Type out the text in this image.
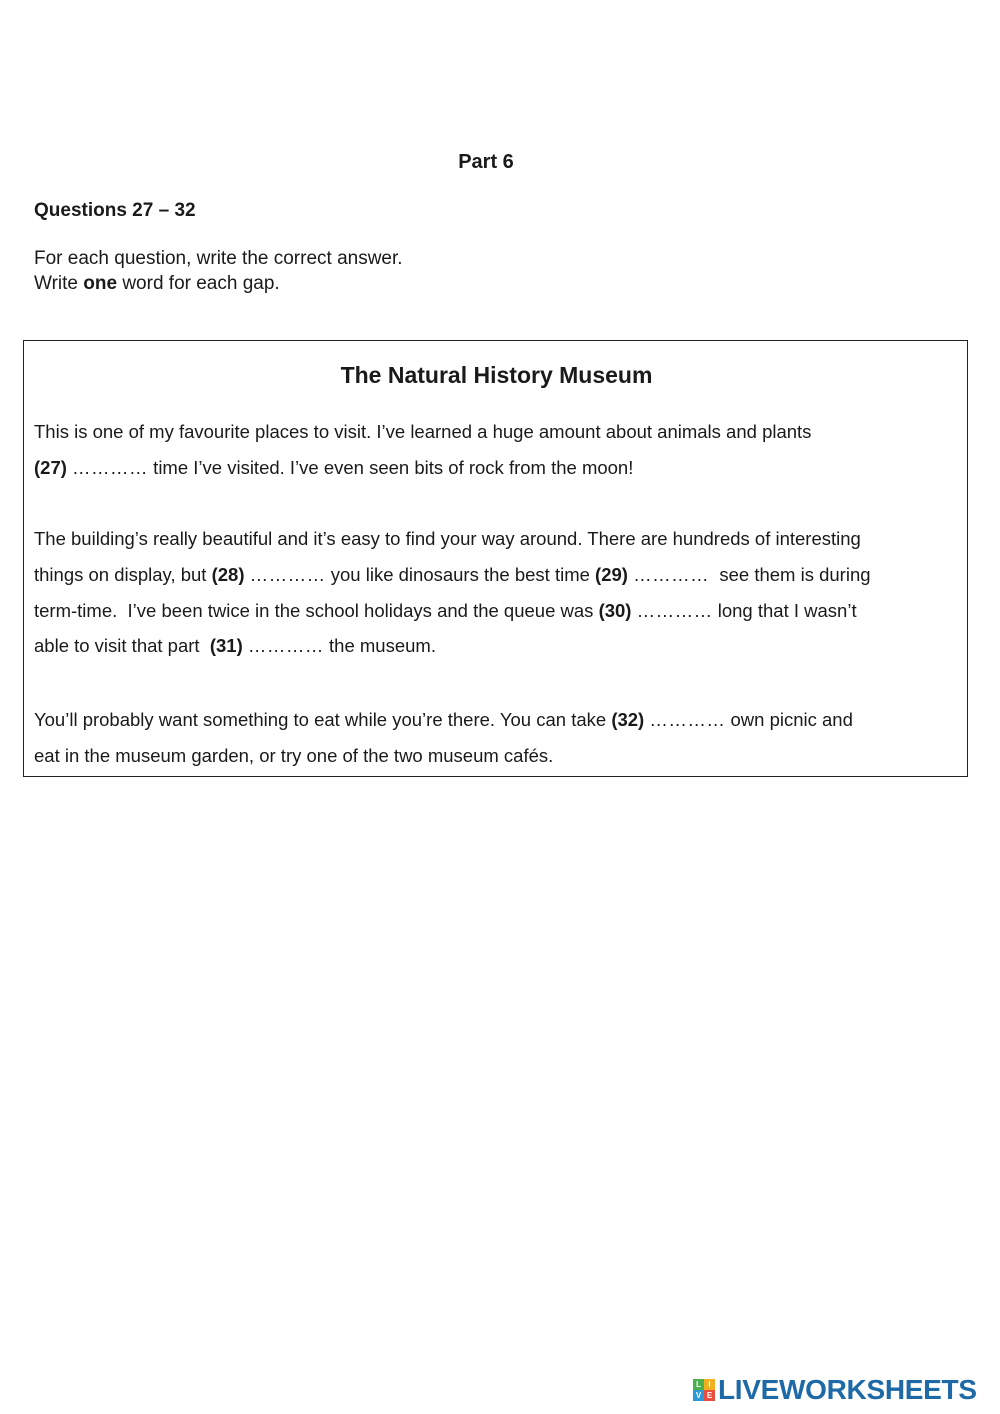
Part 6
Questions 27 – 32
For each question, write the correct answer.
Write one word for each gap.
The Natural History Museum
This is one of my favourite places to visit. I’ve learned a huge amount about animals and plants
(27) ………… time I’ve visited. I’ve even seen bits of rock from the moon!
The building’s really beautiful and it’s easy to find your way around. There are hundreds of interesting
things on display, but (28) ………… you like dinosaurs the best time (29) …………  see them is during
term-time.  I’ve been twice in the school holidays and the queue was (30) ………… long that I wasn’t
able to visit that part  (31) ………… the museum.
You’ll probably want something to eat while you’re there. You can take (32) ………… own picnic and
eat in the museum garden, or try one of the two museum cafés.
L I
V E LIVEWORKSHEETS
